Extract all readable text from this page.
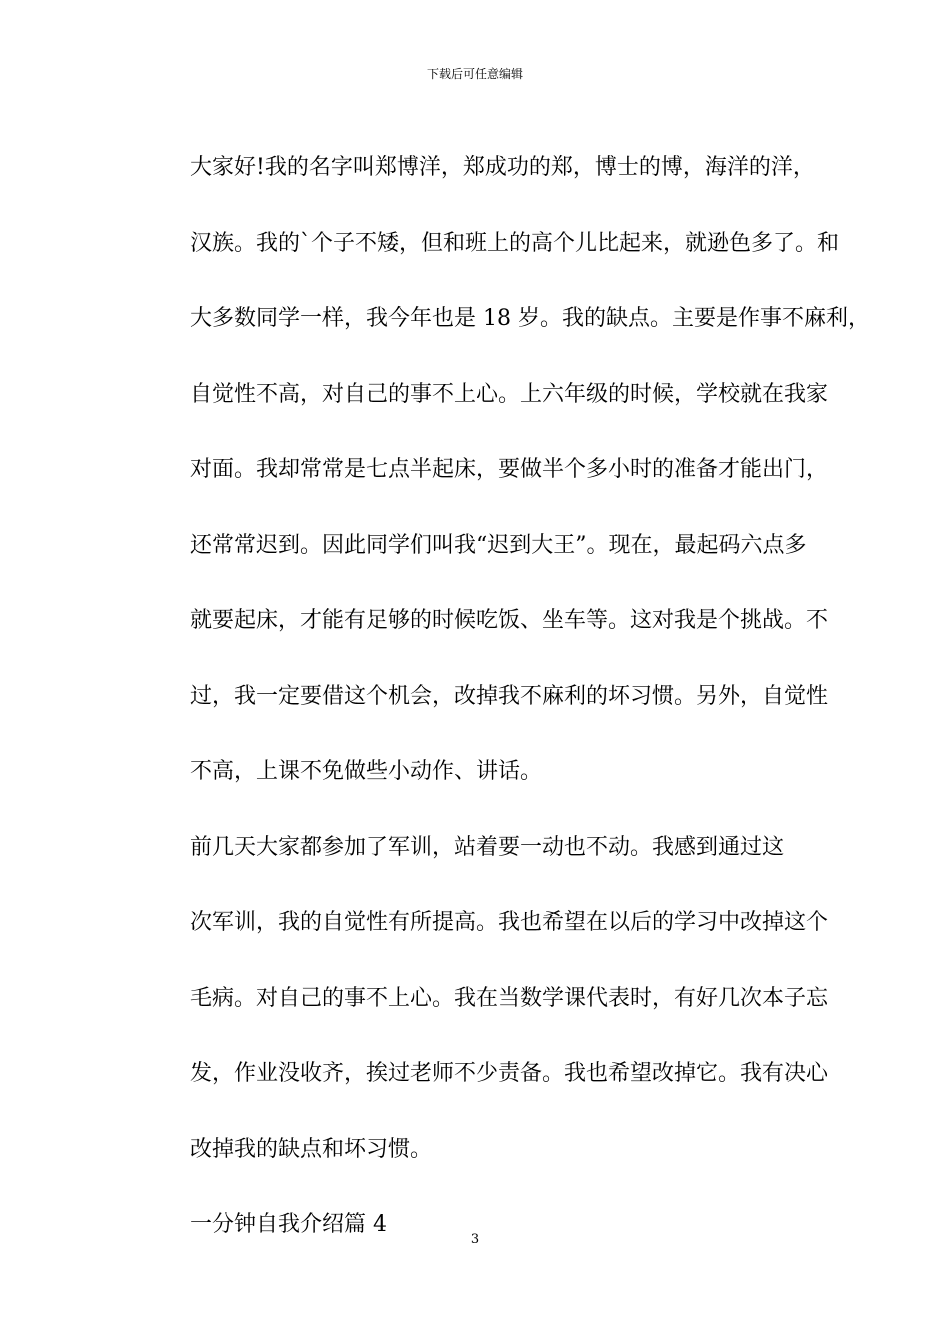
下载后可任意编辑
大家好!我的名字叫郑博洋，郑成功的郑，博士的博，海洋的洋，
汉族。我的`个子不矮，但和班上的高个儿比起来，就逊色多了。和
大多数同学一样，我今年也是 18 岁。我的缺点。主要是作事不麻利，
自觉性不高，对自己的事不上心。上六年级的时候，学校就在我家
对面。我却常常是七点半起床，要做半个多小时的准备才能出门，
还常常迟到。因此同学们叫我“迟到大王”。现在，最起码六点多
就要起床，才能有足够的时候吃饭、坐车等。这对我是个挑战。不
过，我一定要借这个机会，改掉我不麻利的坏习惯。另外，自觉性
不高，上课不免做些小动作、讲话。
前几天大家都参加了军训，站着要一动也不动。我感到通过这
次军训，我的自觉性有所提高。我也希望在以后的学习中改掉这个
毛病。对自己的事不上心。我在当数学课代表时，有好几次本子忘
发，作业没收齐，挨过老师不少责备。我也希望改掉它。我有决心
改掉我的缺点和坏习惯。
一分钟自我介绍篇 4
3
